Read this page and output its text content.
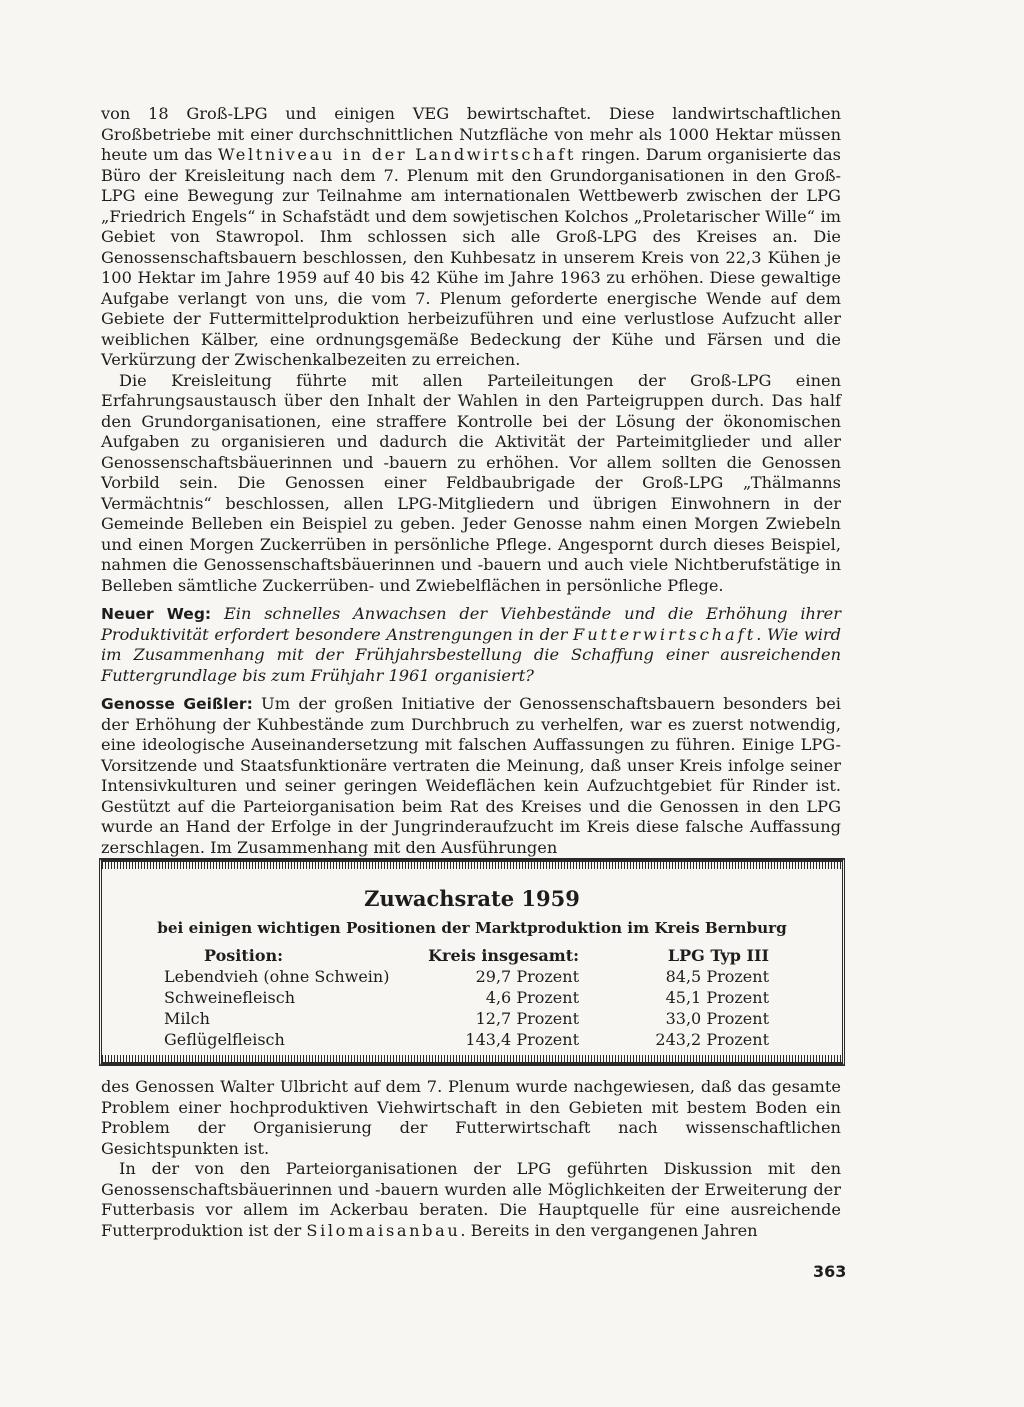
von 18 Groß-LPG und einigen VEG bewirtschaftet. Diese landwirtschaftlichen Großbetriebe mit einer durchschnittlichen Nutzfläche von mehr als 1000 Hektar müssen heute um das Weltniveau in der Landwirtschaft ringen. Darum organisierte das Büro der Kreisleitung nach dem 7. Plenum mit den Grundorganisationen in den Groß-LPG eine Bewegung zur Teilnahme am internationalen Wettbewerb zwischen der LPG „Friedrich Engels“ in Schafstädt und dem sowjetischen Kolchos „Proletarischer Wille“ im Gebiet von Stawropol. Ihm schlossen sich alle Groß-LPG des Kreises an. Die Genossenschaftsbauern beschlossen, den Kuhbesatz in unserem Kreis von 22,3 Kühen je 100 Hektar im Jahre 1959 auf 40 bis 42 Kühe im Jahre 1963 zu erhöhen. Diese gewaltige Aufgabe verlangt von uns, die vom 7. Plenum geforderte energische Wende auf dem Gebiete der Futtermittelproduktion herbeizuführen und eine verlustlose Aufzucht aller weiblichen Kälber, eine ordnungsgemäße Bedeckung der Kühe und Färsen und die Verkürzung der Zwischenkalbezeiten zu erreichen.

Die Kreisleitung führte mit allen Parteileitungen der Groß-LPG einen Erfahrungsaustausch über den Inhalt der Wahlen in den Parteigruppen durch. Das half den Grundorganisationen, eine straffere Kontrolle bei der Lösung der ökonomischen Aufgaben zu organisieren und dadurch die Aktivität der Parteimitglieder und aller Genossenschaftsbäuerinnen und -bauern zu erhöhen. Vor allem sollten die Genossen Vorbild sein. Die Genossen einer Feldbaubrigade der Groß-LPG „Thälmanns Vermächtnis“ beschlossen, allen LPG-Mitgliedern und übrigen Einwohnern in der Gemeinde Belleben ein Beispiel zu geben. Jeder Genosse nahm einen Morgen Zwiebeln und einen Morgen Zuckerrüben in persönliche Pflege. Angespornt durch dieses Beispiel, nahmen die Genossenschaftsbäuerinnen und -bauern und auch viele Nichtberufstätige in Belleben sämtliche Zuckerrüben- und Zwiebelflächen in persönliche Pflege.

Neuer Weg: Ein schnelles Anwachsen der Viehbestände und die Erhöhung ihrer Produktivität erfordert besondere Anstrengungen in der Futterwirtschaft. Wie wird im Zusammenhang mit der Frühjahrsbestellung die Schaffung einer ausreichenden Futtergrundlage bis zum Frühjahr 1961 organisiert?

Genosse Geißler: Um der großen Initiative der Genossenschaftsbauern besonders bei der Erhöhung der Kuhbestände zum Durchbruch zu verhelfen, war es zuerst notwendig, eine ideologische Auseinandersetzung mit falschen Auffassungen zu führen. Einige LPG-Vorsitzende und Staatsfunktionäre vertraten die Meinung, daß unser Kreis infolge seiner Intensivkulturen und seiner geringen Weideflächen kein Aufzuchtgebiet für Rinder ist. Gestützt auf die Parteiorganisation beim Rat des Kreises und die Genossen in den LPG wurde an Hand der Erfolge in der Jungrinderaufzucht im Kreis diese falsche Auffassung zerschlagen. Im Zusammenhang mit den Ausführungen

Zuwachsrate 1959
bei einigen wichtigen Positionen der Marktproduktion im Kreis Bernburg
Position:	Kreis insgesamt:	LPG Typ III
Lebendvieh (ohne Schwein)	29,7 Prozent	84,5 Prozent
Schweinefleisch	4,6 Prozent	45,1 Prozent
Milch	12,7 Prozent	33,0 Prozent
Geflügelfleisch	143,4 Prozent	243,2 Prozent

des Genossen Walter Ulbricht auf dem 7. Plenum wurde nachgewiesen, daß das gesamte Problem einer hochproduktiven Viehwirtschaft in den Gebieten mit bestem Boden ein Problem der Organisierung der Futterwirtschaft nach wissenschaftlichen Gesichtspunkten ist.

In der von den Parteiorganisationen der LPG geführten Diskussion mit den Genossenschaftsbäuerinnen und -bauern wurden alle Möglichkeiten der Erweiterung der Futterbasis vor allem im Ackerbau beraten. Die Hauptquelle für eine ausreichende Futterproduktion ist der Silomaisanbau. Bereits in den vergangenen Jahren

363
